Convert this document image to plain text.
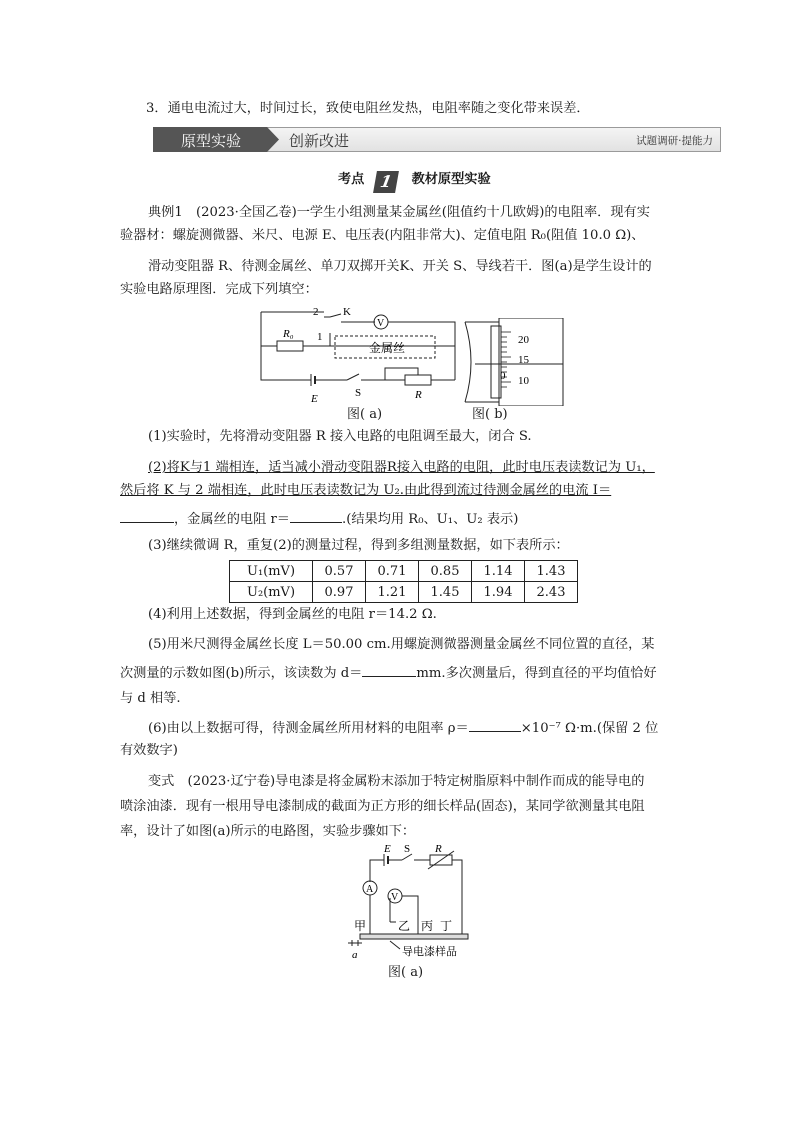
3．通电电流过大，时间过长，致使电阻丝发热，电阻率随之变化带来误差．
原型实验	创新改进	试题调研·提能力
考点 1 教材原型实验
典例1　(2023·全国乙卷)一学生小组测量某金属丝(阻值约十几欧姆)的电阻率．现有实
验器材：螺旋测微器、米尺、电源 E、电压表(内阻非常大)、定值电阻 R₀(阻值 10.0 Ω)、
滑动变阻器 R、待测金属丝、单刀双掷开关K、开关 S、导线若干．图(a)是学生设计的
实验电路原理图．完成下列填空：
2 K
1
R₀
V
金属丝
S
E	R
20
15
10
0
图( a)	图( b)
(1)实验时，先将滑动变阻器 R 接入电路的电阻调至最大，闭合 S.
(2)将K与1 端相连，适当减小滑动变阻器R接入电路的电阻，此时电压表读数记为 U₁，
然后将 K 与 2 端相连，此时电压表读数记为 U₂.由此得到流过待测金属丝的电流 I＝
，金属丝的电阻 r＝	.(结果均用 R₀、U₁、U₂ 表示)
(3)继续微调 R，重复(2)的测量过程，得到多组测量数据，如下表所示：
U₁(mV)	0.57	0.71	0.85	1.14	1.43
U₂(mV)	0.97	1.21	1.45	1.94	2.43
(4)利用上述数据，得到金属丝的电阻 r＝14.2 Ω.
(5)用米尺测得金属丝长度 L＝50.00 cm.用螺旋测微器测量金属丝不同位置的直径，某
次测量的示数如图(b)所示，该读数为 d＝	mm.多次测量后，得到直径的平均值恰好
与 d 相等.
(6)由以上数据可得，待测金属丝所用材料的电阻率 ρ＝	×10⁻⁷ Ω·m.(保留 2 位
有效数字)
变式　(2023·辽宁卷)导电漆是将金属粉末添加于特定树脂原料中制作而成的能导电的
喷涂油漆．现有一根用导电漆制成的截面为正方形的细长样品(固态)，某同学欲测量其电阻
率，设计了如图(a)所示的电路图，实验步骤如下：
E S R
A
V
甲	乙 丙 丁
导电漆样品
a
图( a)
